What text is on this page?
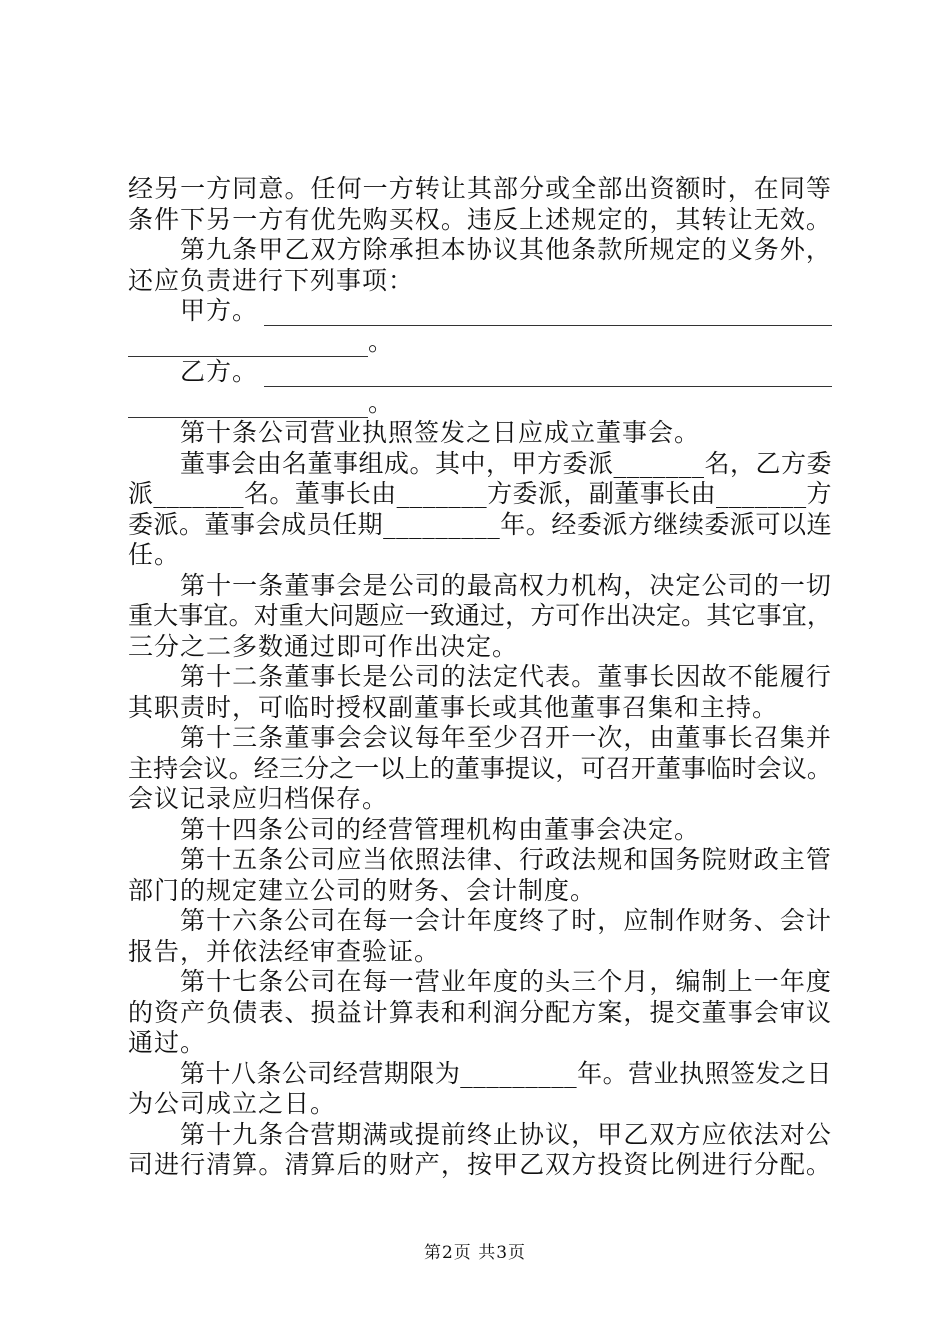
经另一方同意。任何一方转让其部分或全部出资额时，在同等
条件下另一方有优先购买权。违反上述规定的，其转让无效。
第九条甲乙双方除承担本协议其他条款所规定的义务外，
还应负责进行下列事项：
甲方。
。
乙方。
。
第十条公司营业执照签发之日应成立董事会。
董事会由名董事组成。其中，甲方委派_______名，乙方委
派_______名。董事长由_______方委派，副董事长由_______方
委派。董事会成员任期_________年。经委派方继续委派可以连
任。
第十一条董事会是公司的最高权力机构，决定公司的一切
重大事宜。对重大问题应一致通过，方可作出决定。其它事宜，
三分之二多数通过即可作出决定。
第十二条董事长是公司的法定代表。董事长因故不能履行
其职责时，可临时授权副董事长或其他董事召集和主持。
第十三条董事会会议每年至少召开一次，由董事长召集并
主持会议。经三分之一以上的董事提议，可召开董事临时会议。
会议记录应归档保存。
第十四条公司的经营管理机构由董事会决定。
第十五条公司应当依照法律、行政法规和国务院财政主管
部门的规定建立公司的财务、会计制度。
第十六条公司在每一会计年度终了时，应制作财务、会计
报告，并依法经审查验证。
第十七条公司在每一营业年度的头三个月，编制上一年度
的资产负债表、损益计算表和利润分配方案，提交董事会审议
通过。
第十八条公司经营期限为_________年。营业执照签发之日
为公司成立之日。
第十九条合营期满或提前终止协议，甲乙双方应依法对公
司进行清算。清算后的财产，按甲乙双方投资比例进行分配。
第2页 共3页
